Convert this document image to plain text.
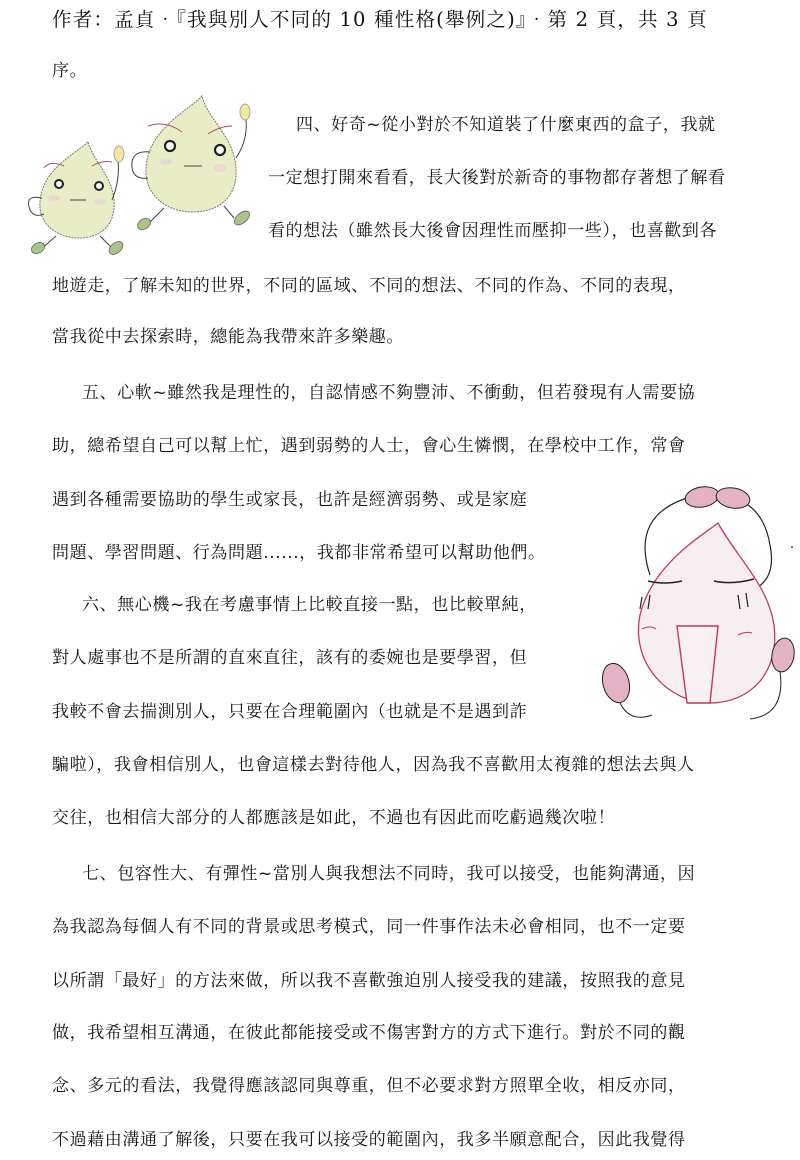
作者：孟貞‧『我與別人不同的 10 種性格(舉例之)』‧第 2 頁，共 3 頁
序。
四、好奇~從小對於不知道裝了什麼東西的盒子，我就
一定想打開來看看，長大後對於新奇的事物都存著想了解看
看的想法（雖然長大後會因理性而壓抑一些），也喜歡到各
地遊走，了解未知的世界，不同的區域、不同的想法、不同的作為、不同的表現，
當我從中去探索時，總能為我帶來許多樂趣。
五、心軟~雖然我是理性的，自認情感不夠豐沛、不衝動，但若發現有人需要協
助，總希望自己可以幫上忙，遇到弱勢的人士，會心生憐憫，在學校中工作，常會
遇到各種需要協助的學生或家長，也許是經濟弱勢、或是家庭
問題、學習問題、行為問題......，我都非常希望可以幫助他們。
六、無心機~我在考慮事情上比較直接一點，也比較單純，
對人處事也不是所謂的直來直往，該有的委婉也是要學習，但
我較不會去揣測別人，只要在合理範圍內（也就是不是遇到詐
騙啦），我會相信別人，也會這樣去對待他人，因為我不喜歡用太複雜的想法去與人
交往，也相信大部分的人都應該是如此，不過也有因此而吃虧過幾次啦！
七、包容性大、有彈性~當別人與我想法不同時，我可以接受，也能夠溝通，因
為我認為每個人有不同的背景或思考模式，同一件事作法未必會相同，也不一定要
以所謂「最好」的方法來做，所以我不喜歡強迫別人接受我的建議，按照我的意見
做，我希望相互溝通，在彼此都能接受或不傷害對方的方式下進行。對於不同的觀
念、多元的看法，我覺得應該認同與尊重，但不必要求對方照單全收，相反亦同，
不過藉由溝通了解後，只要在我可以接受的範圍內，我多半願意配合，因此我覺得
